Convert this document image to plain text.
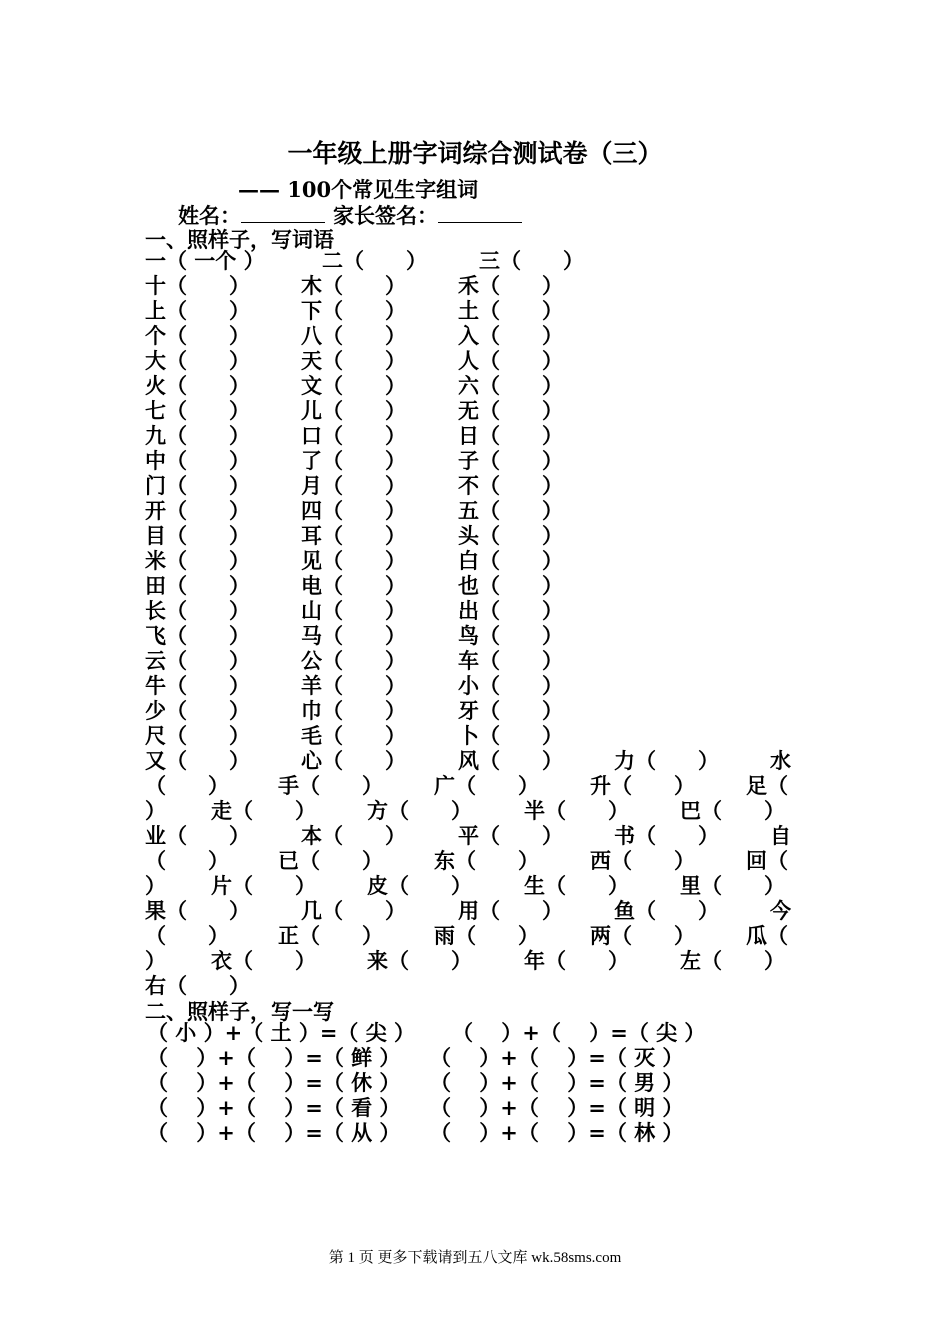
一年级上册字词综合测试卷（三）
—— 100个常见生字组词
姓名：	家长签名：
一、照样子，写词语
一（ 一个 ）	二（　　） 三（　　）
十（　　） 木（　　） 禾（　　）
上（　　） 下（　　） 土（　　）
个（　　） 八（　　） 入（　　）
大（　　） 天（　　） 人（　　）
火（　　） 文（　　） 六（　　）
七（　　） 儿（　　） 无（　　）
九（　　） 口（　　） 日（　　）
中（　　） 了（　　） 子（　　）
门（　　） 月（　　） 不（　　）
开（　　） 四（　　） 五（　　）
目（　　） 耳（　　） 头（　　）
米（　　） 见（　　） 白（　　）
田（　　） 电（　　） 也（　　）
长（　　） 山（　　） 出（　　）
飞（　　） 马（　　） 鸟（　　）
云（　　） 公（　　） 车（　　）
牛（　　） 羊（　　） 小（　　）
少（　　） 巾（　　） 牙（　　）
尺（　　） 毛（　　） 卜（　　）
又（　　） 心（　　） 风（　　） 力（　　） 水
（　　） 手（　　） 广（　　） 升（　　） 足（
） 走（　　） 方（　　） 半（　　） 巴（　　）
业（　　） 本（　　） 平（　　） 书（　　） 自
（　　） 已（　　） 东（　　） 西（　　） 回（
） 片（　　） 皮（　　） 生（　　） 里（　　）
果（　　） 几（　　） 用（　　） 鱼（　　） 今
（　　） 正（　　） 雨（　　） 两（　　） 瓜（
） 衣（　　） 来（　　） 年（　　） 左（　　）
右（　　）
二、照样子，写一写
（ 小 ）+（ 土 ）=（ 尖 ） （　 ）+（　 ）=（ 尖 ）
（　 ）+（　 ）=（ 鲜 ） （　 ）+（　 ）=（ 灭 ）
（　 ）+（　 ）=（ 休 ） （　 ）+（　 ）=（ 男 ）
（　 ）+（　 ）=（ 看 ） （　 ）+（　 ）=（ 明 ）
（　 ）+（　 ）=（ 从 ） （　 ）+（　 ）=（ 林 ）
第 1 页 更多下载请到五八文库 wk.58sms.com
